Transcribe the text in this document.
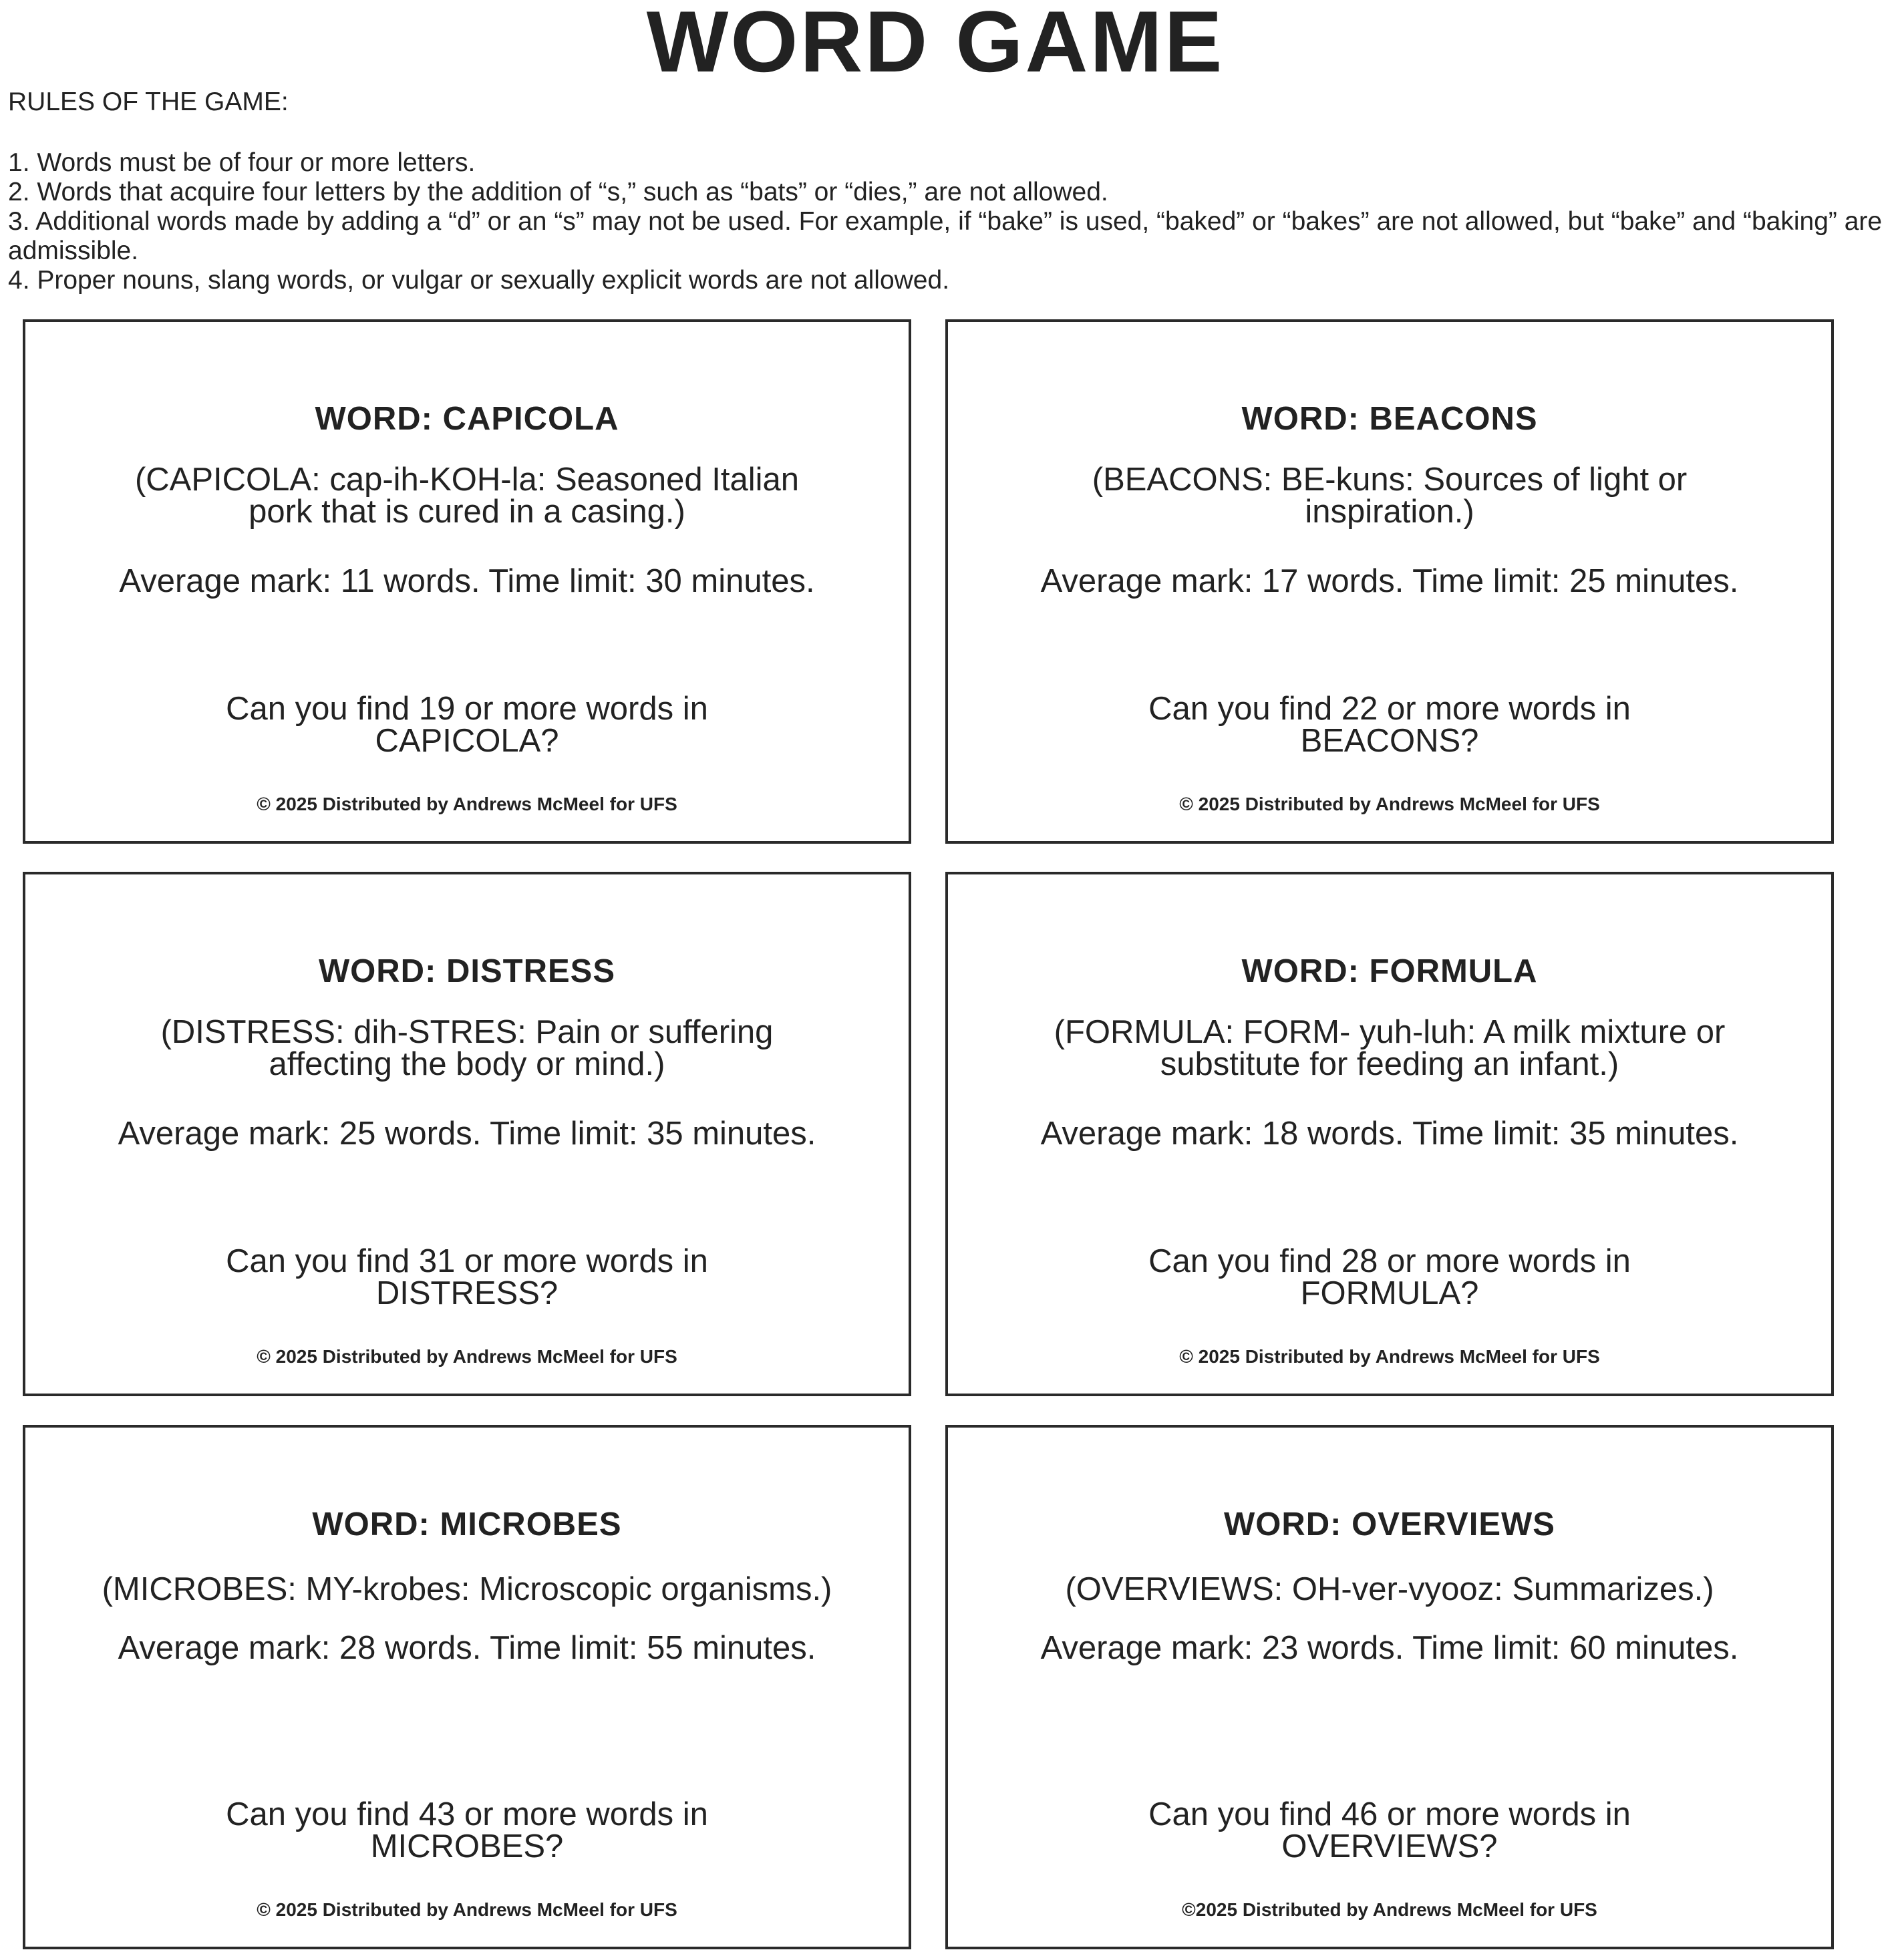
WORD GAME
RULES OF THE GAME:

1. Words must be of four or more letters.

2. Words that acquire four letters by the addition of “s,” such as “bats” or “dies,” are not allowed.

3. Additional words made by adding a “d” or an “s” may not be used. For example, if “bake” is used, “baked” or “bakes” are not allowed, but “bake” and “baking” are admissible.

4. Proper nouns, slang words, or vulgar or sexually explicit words are not allowed.

WORD: CAPICOLA
(CAPICOLA: cap-ih-KOH-la: Seasoned Italian pork that is cured in a casing.)
Average mark: 11 words. Time limit: 30 minutes.
Can you find 19 or more words in CAPICOLA?
© 2025 Distributed by Andrews McMeel for UFS
WORD: BEACONS
(BEACONS: BE-kuns: Sources of light or inspiration.)
Average mark: 17 words. Time limit: 25 minutes.
Can you find 22 or more words in BEACONS?
© 2025 Distributed by Andrews McMeel for UFS
WORD: DISTRESS
(DISTRESS: dih-STRES: Pain or suffering affecting the body or mind.)
Average mark: 25 words. Time limit: 35 minutes.
Can you find 31 or more words in DISTRESS?
© 2025 Distributed by Andrews McMeel for UFS
WORD: FORMULA
(FORMULA: FORM- yuh-luh: A milk mixture or substitute for feeding an infant.)
Average mark: 18 words. Time limit: 35 minutes.
Can you find 28 or more words in FORMULA?
© 2025 Distributed by Andrews McMeel for UFS
WORD: MICROBES
(MICROBES: MY-krobes: Microscopic organisms.)
Average mark: 28 words. Time limit: 55 minutes.
Can you find 43 or more words in MICROBES?
© 2025 Distributed by Andrews McMeel for UFS
WORD: OVERVIEWS
(OVERVIEWS: OH-ver-vyooz: Summarizes.)
Average mark: 23 words. Time limit: 60 minutes.
Can you find 46 or more words in OVERVIEWS?
©2025 Distributed by Andrews McMeel for UFS
